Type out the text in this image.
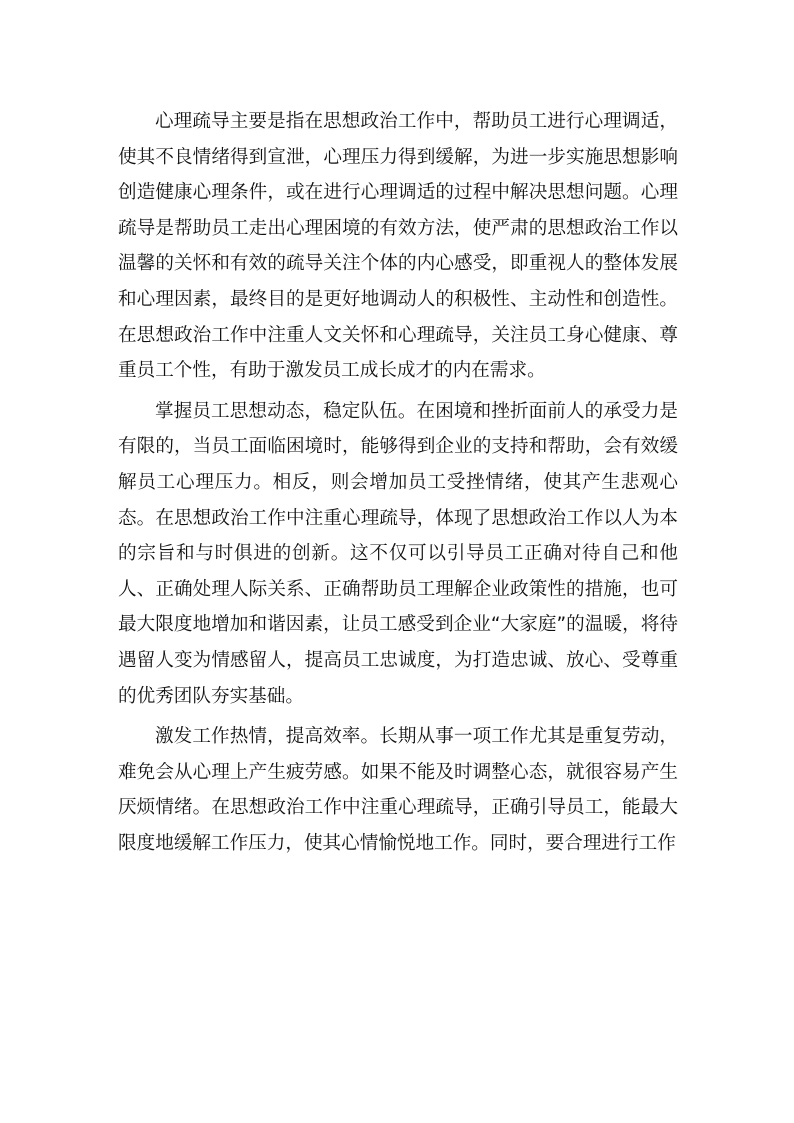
心理疏导主要是指在思想政治工作中，帮助员工进行心理调适，使其不良情绪得到宣泄，心理压力得到缓解，为进一步实施思想影响创造健康心理条件，或在进行心理调适的过程中解决思想问题。心理疏导是帮助员工走出心理困境的有效方法，使严肃的思想政治工作以温馨的关怀和有效的疏导关注个体的内心感受，即重视人的整体发展和心理因素，最终目的是更好地调动人的积极性、主动性和创造性。在思想政治工作中注重人文关怀和心理疏导，关注员工身心健康、尊重员工个性，有助于激发员工成长成才的内在需求。

掌握员工思想动态，稳定队伍。在困境和挫折面前人的承受力是有限的，当员工面临困境时，能够得到企业的支持和帮助，会有效缓解员工心理压力。相反，则会增加员工受挫情绪，使其产生悲观心态。在思想政治工作中注重心理疏导，体现了思想政治工作以人为本的宗旨和与时俱进的创新。这不仅可以引导员工正确对待自己和他人、正确处理人际关系、正确帮助员工理解企业政策性的措施，也可最大限度地增加和谐因素，让员工感受到企业“大家庭”的温暖，将待遇留人变为情感留人，提高员工忠诚度，为打造忠诚、放心、受尊重的优秀团队夯实基础。

激发工作热情，提高效率。长期从事一项工作尤其是重复劳动，难免会从心理上产生疲劳感。如果不能及时调整心态，就很容易产生厌烦情绪。在思想政治工作中注重心理疏导，正确引导员工，能最大限度地缓解工作压力，使其心情愉悦地工作。同时，要合理进行工作
